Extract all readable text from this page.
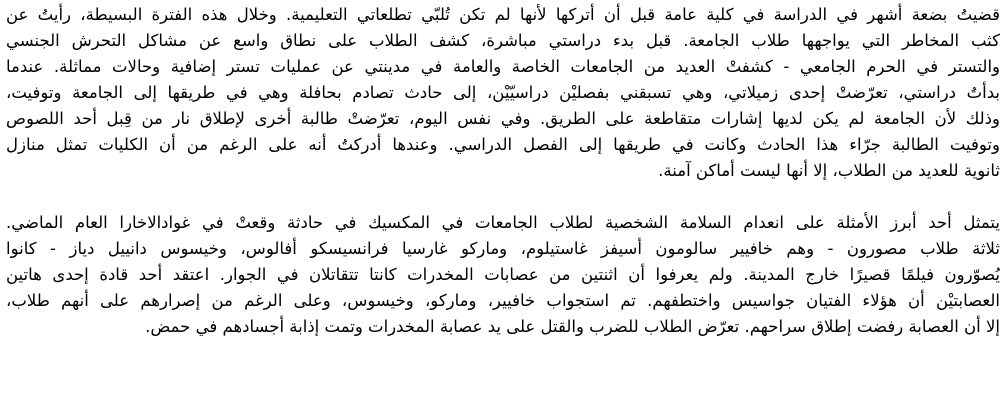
قضيتُ بضعة أشهر في الدراسة في كلية عامة قبل أن أتركها لأنها لم تكن تُلبّي تطلعاتي التعليمية. وخلال هذه الفترة البسيطة، رأيتُ عن
كثب المخاطر التي يواجهها طلاب الجامعة. قبل بدء دراستي مباشرة، كشف الطلاب على نطاق واسع عن مشاكل التحرش الجنسي
والتستر في الحرم الجامعي - كشفتْ العديد من الجامعات الخاصة والعامة في مدينتي عن عمليات تستر إضافية وحالات مماثلة. عندما
بدأتُ دراستي، تعرّضتْ إحدى زميلاتي، وهي تسبقني بفصليْن دراسيّيْن، إلى حادث تصادم بحافلة وهي في طريقها إلى الجامعة وتوفيت،
وذلك لأن الجامعة لم يكن لديها إشارات متقاطعة على الطريق. وفي نفس اليوم، تعرّضتْ طالبة أخرى لإطلاق نار من قِبل أحد اللصوص
وتوفيت الطالبة جرّاء هذا الحادث وكانت في طريقها إلى الفصل الدراسي. وعندها أدركتُ أنه على الرغم من أن الكليات تمثل منازل
ثانوية للعديد من الطلاب، إلا أنها ليست أماكن آمنة.
يتمثل أحد أبرز الأمثلة على انعدام السلامة الشخصية لطلاب الجامعات في المكسيك في حادثة وقعتْ في غوادالاخارا العام الماضي.
ثلاثة طلاب مصورون - وهم خافيير سالومون أسيفز غاستيلوم، وماركو غارسيا فرانسيسكو أفالوس، وخيسوس دانييل دياز - كانوا
يُصوّرون فيلمًا قصيرًا خارج المدينة. ولم يعرفوا أن اثنتين من عصابات المخدرات كانتا تتقاتلان في الجوار. اعتقد أحد قادة إحدى هاتين
العصابتيْن أن هؤلاء الفتيان جواسيس واختطفهم. تم استجواب خافيير، وماركو، وخيسوس، وعلى الرغم من إصرارهم على أنهم طلاب،
إلا أن العصابة رفضت إطلاق سراحهم. تعرّض الطلاب للضرب والقتل على يد عصابة المخدرات وتمت إذابة أجسادهم في حمض.
